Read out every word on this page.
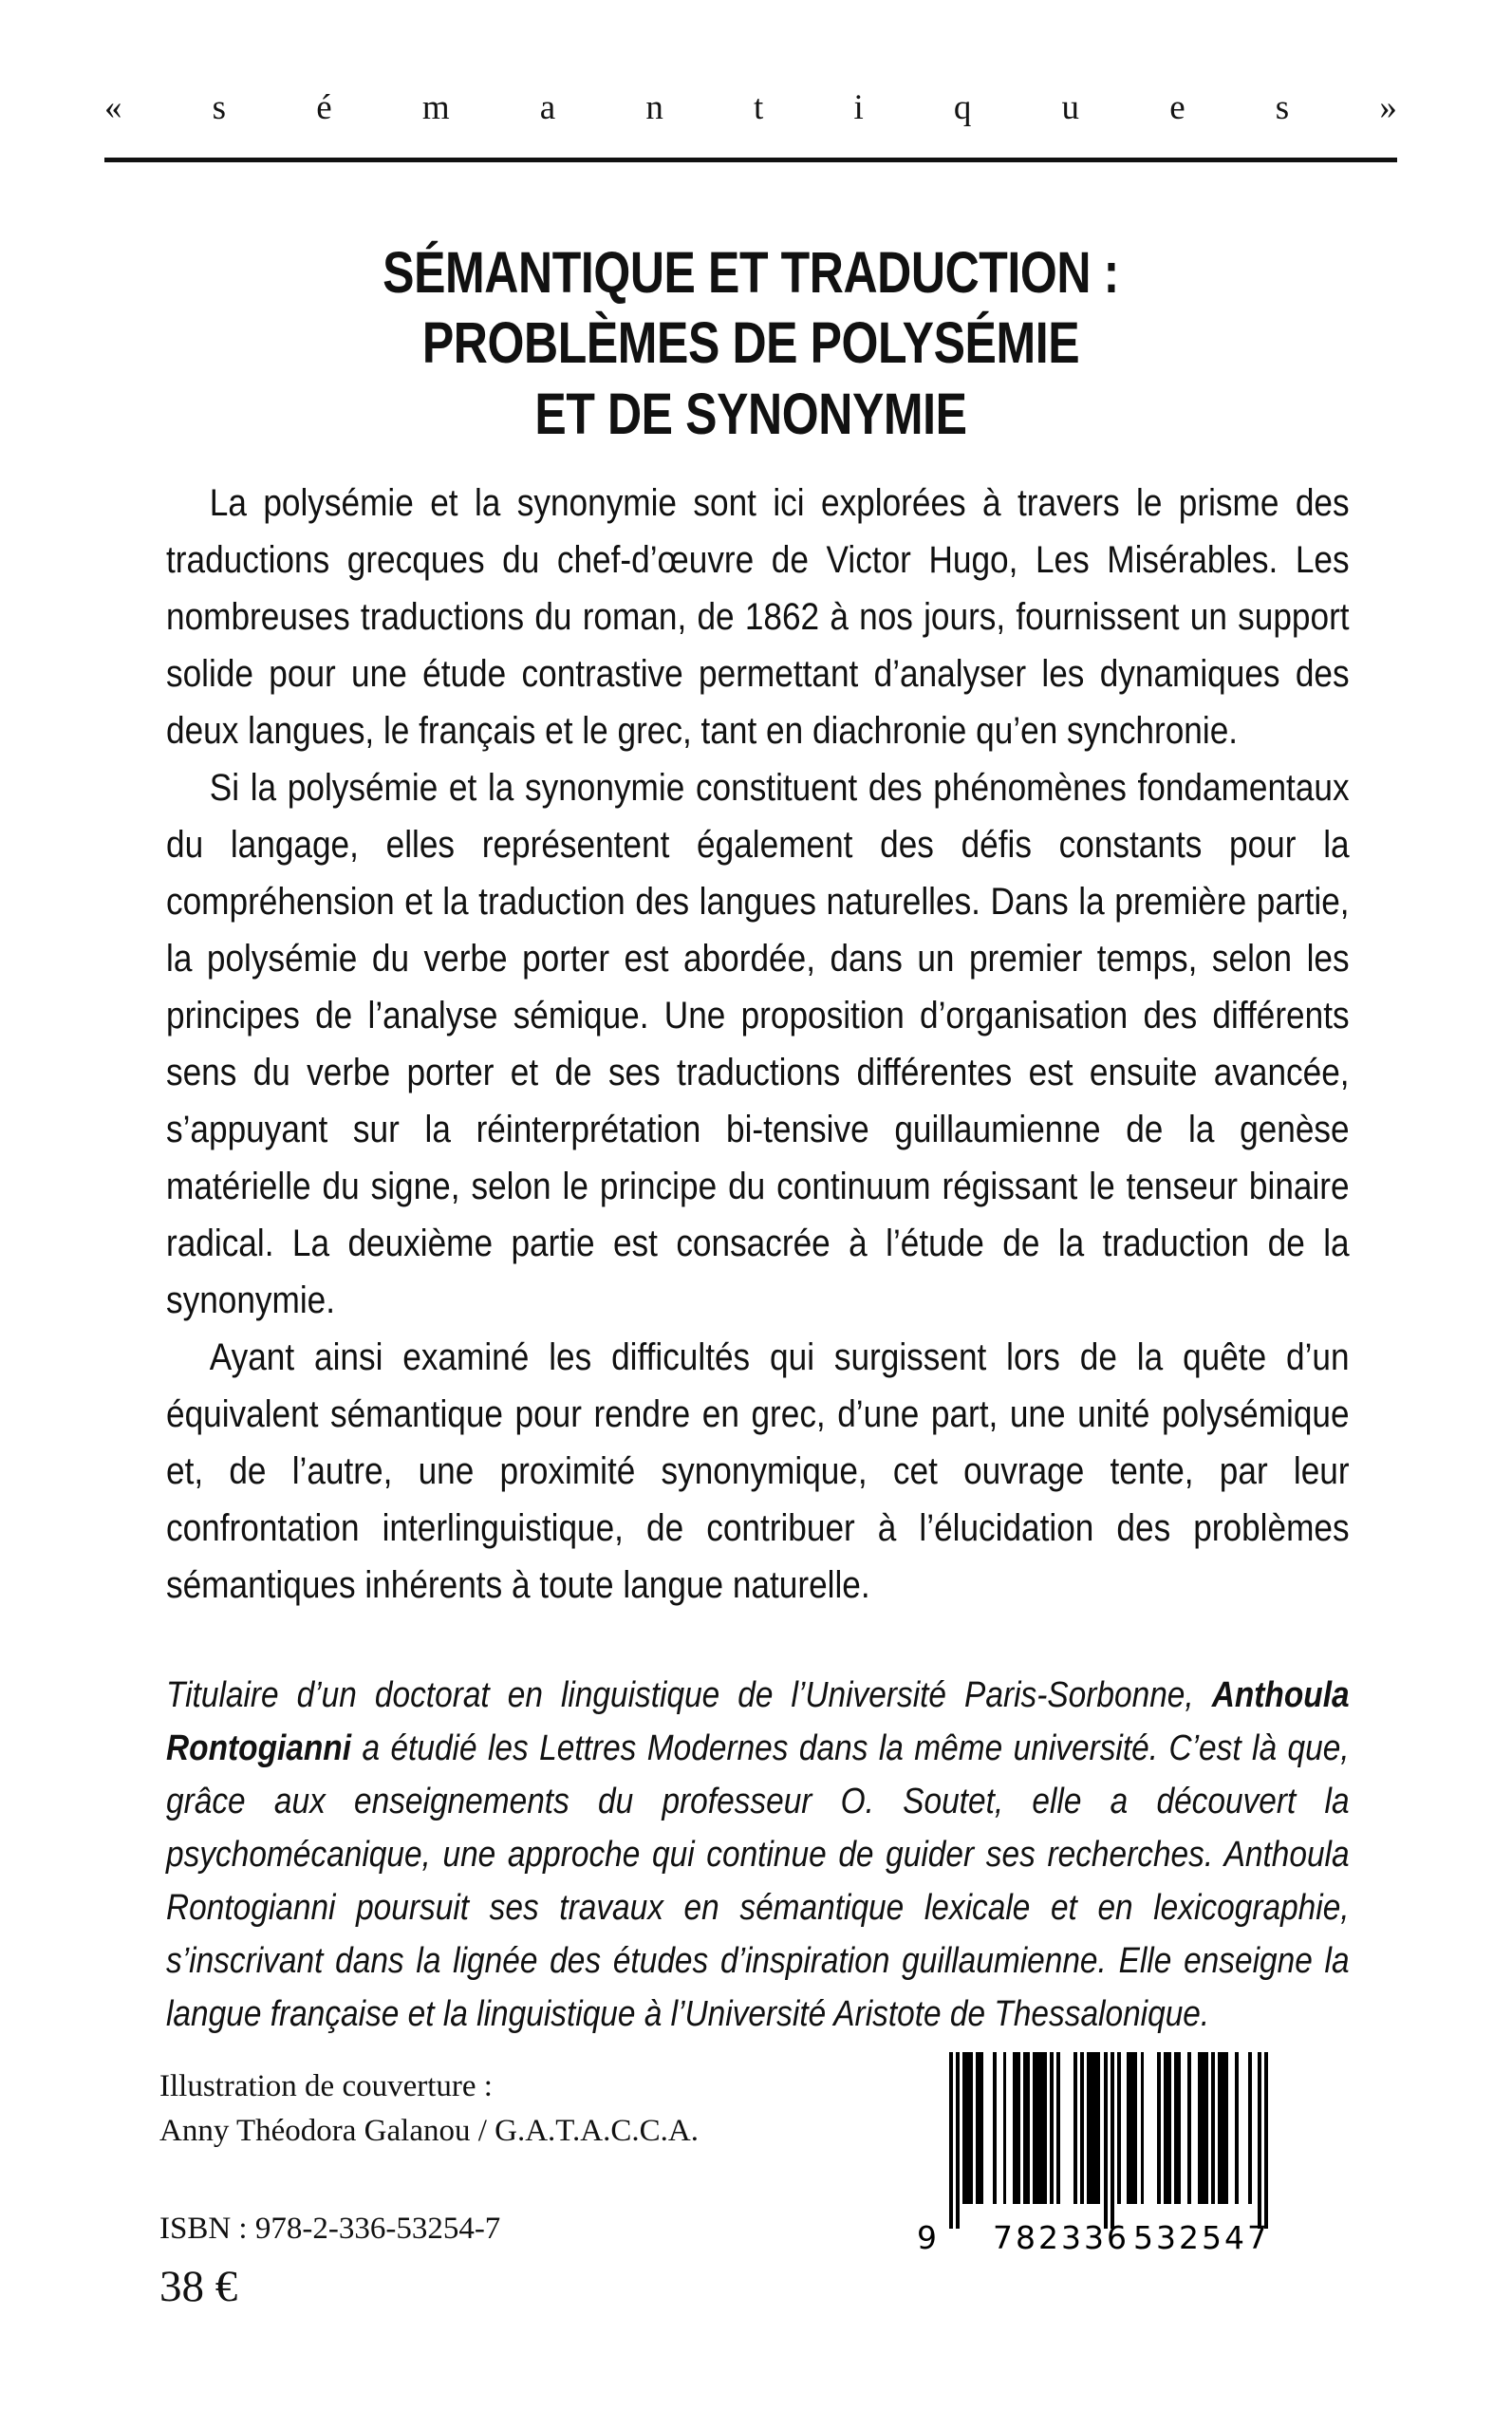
«	s	é	m	a	n	t	i	q	u	e	s	»
SÉMANTIQUE ET TRADUCTION :
PROBLÈMES DE POLYSÉMIE
ET DE SYNONYMIE

La polysémie et la synonymie sont ici explorées à travers le prisme des traductions grecques du chef-d’œuvre de Victor Hugo, Les Misérables. Les nombreuses traductions du roman, de 1862 à nos jours, fournissent un support solide pour une étude contrastive permettant d’analyser les dynamiques des deux langues, le français et le grec, tant en diachronie qu’en synchronie.

Si la polysémie et la synonymie constituent des phénomènes fondamentaux du langage, elles représentent également des défis constants pour la compréhension et la traduction des langues naturelles. Dans la première partie, la polysémie du verbe porter est abordée, dans un premier temps, selon les principes de l’analyse sémique. Une proposition d’organisation des différents sens du verbe porter et de ses traductions différentes est ensuite avancée, s’appuyant sur la réinterprétation bi-tensive guillaumienne de la genèse matérielle du signe, selon le principe du continuum régissant le tenseur binaire radical. La deuxième partie est consacrée à l’étude de la traduction de la synonymie.

Ayant ainsi examiné les difficultés qui surgissent lors de la quête d’un équivalent sémantique pour rendre en grec, d’une part, une unité polysémique et, de l’autre, une proximité synonymique, cet ouvrage tente, par leur confrontation interlinguistique, de contribuer à l’élucidation des problèmes sémantiques inhérents à toute langue naturelle.

Titulaire d’un doctorat en linguistique de l’Université Paris-Sorbonne, Anthoula Rontogianni a étudié les Lettres Modernes dans la même université. C’est là que, grâce aux enseignements du professeur O. Soutet, elle a découvert la psychomécanique, une approche qui continue de guider ses recherches. Anthoula Rontogianni poursuit ses travaux en sémantique lexicale et en lexicographie, s’inscrivant dans la lignée des études d’inspiration guillaumienne. Elle enseigne la langue française et la linguistique à l’Université Aristote de Thessalonique.

Illustration de couverture :
Anny Théodora Galanou / G.A.T.A.C.C.A.
ISBN : 978-2-336-53254-7
38 €

9

782336

532547
